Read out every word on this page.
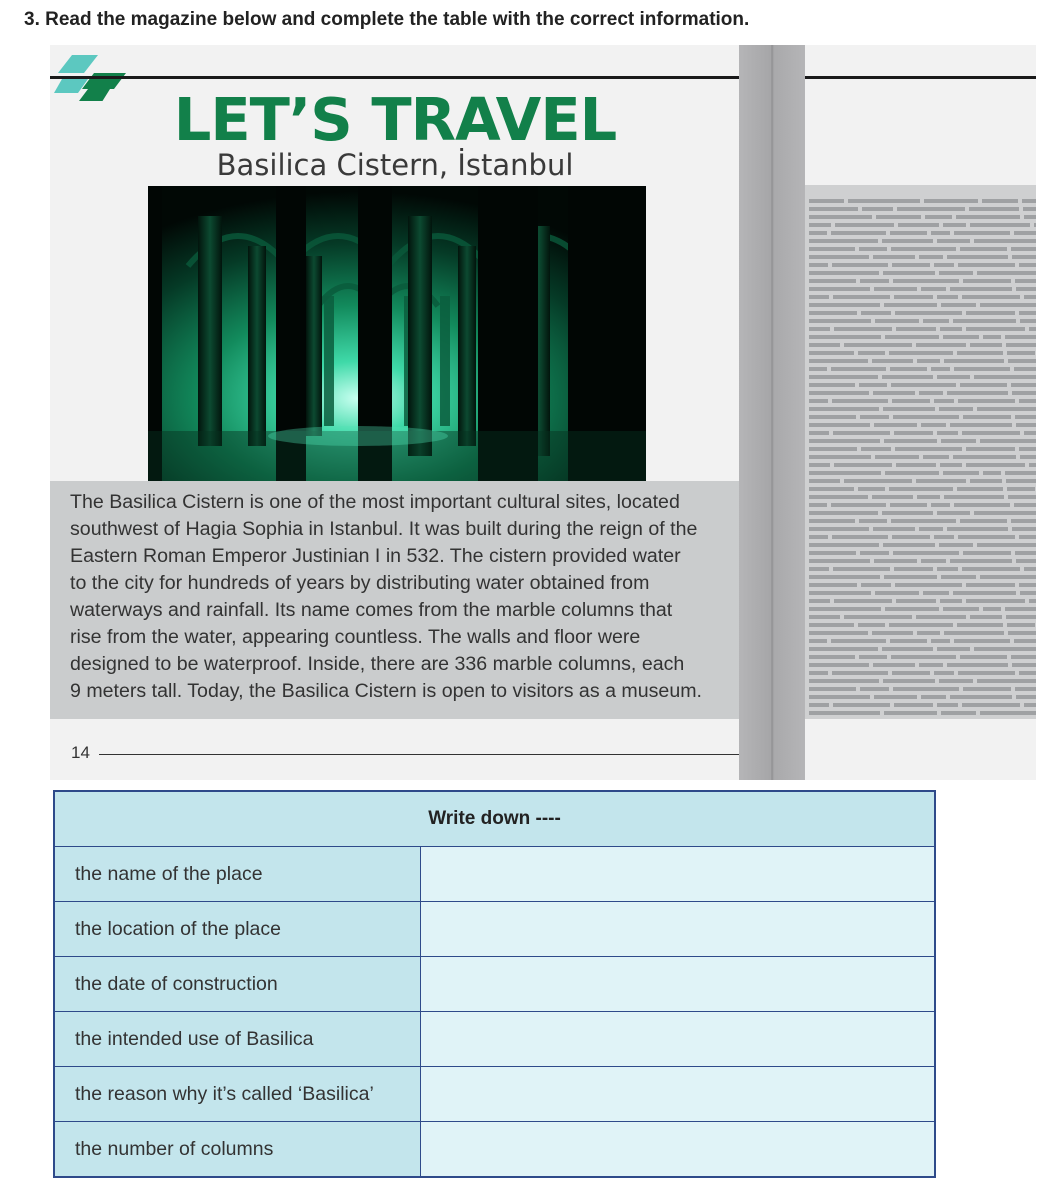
3. Read the magazine below and complete the table with the correct information.
LET’S TRAVEL
Basilica Cistern, İstanbul

The Basilica Cistern is one of the most important cultural sites, located
southwest of Hagia Sophia in Istanbul. It was built during the reign of the
Eastern Roman Emperor Justinian I in 532. The cistern provided water
to the city for hundreds of years by distributing water obtained from
waterways and rainfall. Its name comes from the marble columns that
rise from the water, appearing countless. The walls and floor were
designed to be waterproof. Inside, there are 336 marble columns, each
9 meters tall. Today, the Basilica Cistern is open to visitors as a museum.

14
Write down ----	
the name of the place	
the location of the place	
the date of construction	
the intended use of Basilica	
the reason why it’s called ‘Basilica’	
the number of columns	
